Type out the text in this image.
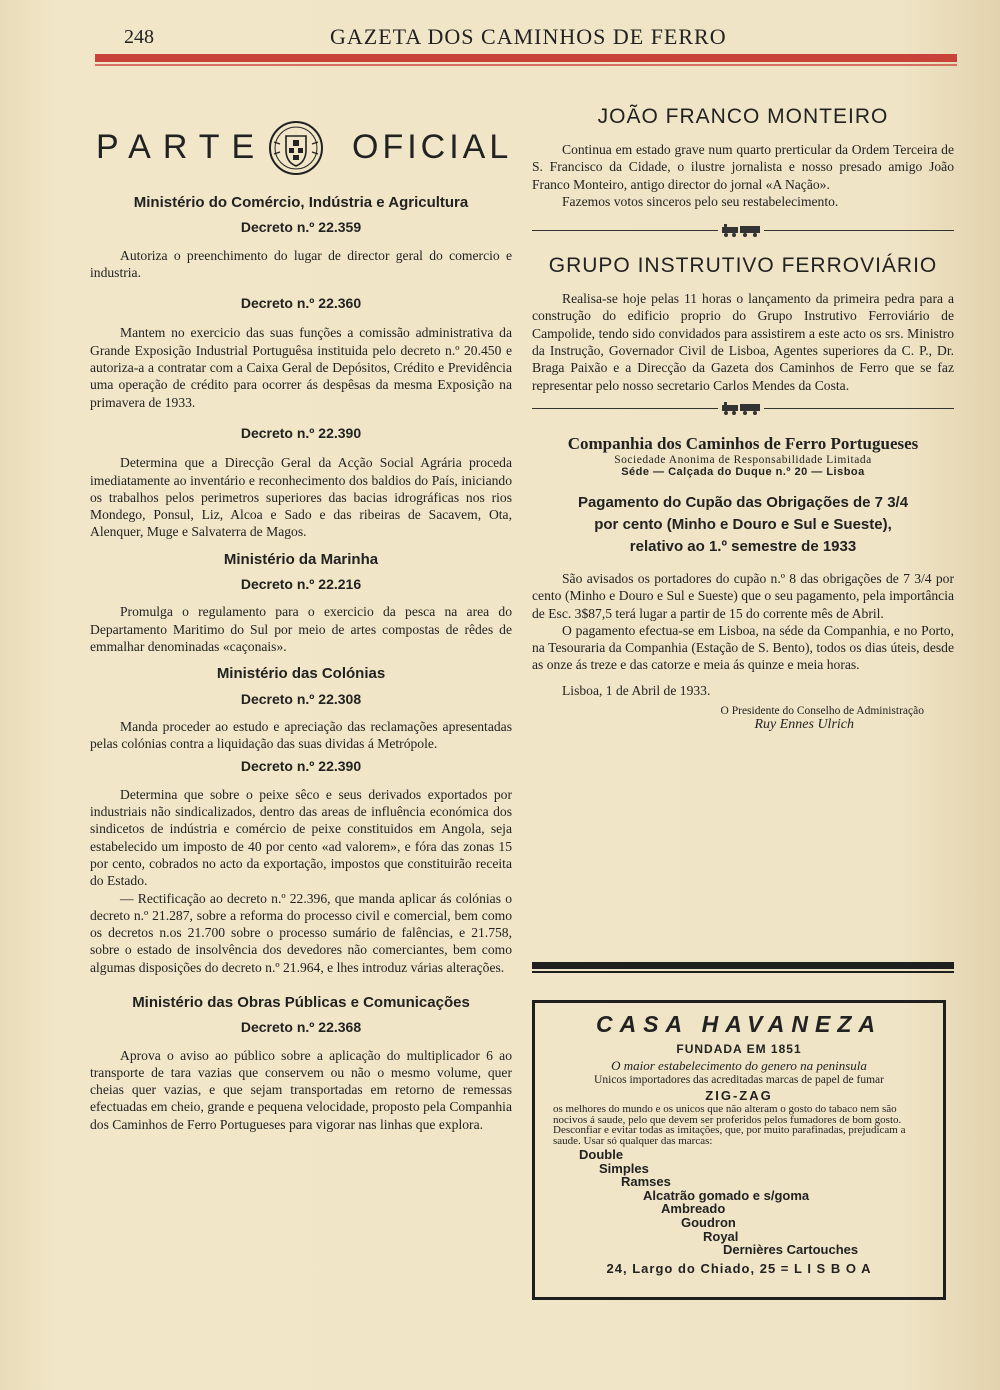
248	GAZETA DOS CAMINHOS DE FERRO
PARTE	OFICIAL

Ministério do Comércio, Indústria e Agricultura

Decreto n.º 22.359

Autoriza o preenchimento do lugar de director geral do comercio e industria.

Decreto n.º 22.360

Mantem no exercicio das suas funções a comissão administrativa da Grande Exposição Industrial Portuguêsa instituida pelo decreto n.º 20.450 e autoriza-a a contratar com a Caixa Geral de Depósitos, Crédito e Previdência uma operação de crédito para ocorrer ás despêsas da mesma Exposição na primavera de 1933.

Decreto n.º 22.390

Determina que a Direcção Geral da Acção Social Agrária proceda imediatamente ao inventário e reconhecimento dos baldios do País, iniciando os trabalhos pelos perimetros superiores das bacias idrográficas nos rios Mondego, Ponsul, Liz, Alcoa e Sado e das ribeiras de Sacavem, Ota, Alenquer, Muge e Salvaterra de Magos.

Ministério da Marinha

Decreto n.º 22.216

Promulga o regulamento para o exercicio da pesca na area do Departamento Maritimo do Sul por meio de artes compostas de rêdes de emmalhar denominadas «caçonais».

Ministério das Colónias

Decreto n.º 22.308

Manda proceder ao estudo e apreciação das reclamações apresentadas pelas colónias contra a liquidação das suas dividas á Metrópole.

Decreto n.º 22.390

Determina que sobre o peixe sêco e seus derivados exportados por industriais não sindicalizados, dentro das areas de influência económica dos sindicetos de indústria e comércio de peixe constituidos em Angola, seja estabelecido um imposto de 40 por cento «ad valorem», e fóra das zonas 15 por cento, cobrados no acto da exportação, impostos que constituirão receita do Estado.

— Rectificação ao decreto n.º 22.396, que manda aplicar ás colónias o decreto n.º 21.287, sobre a reforma do processo civil e comercial, bem como os decretos n.os 21.700 sobre o processo sumário de falências, e 21.758, sobre o estado de insolvência dos devedores não comerciantes, bem como algumas disposições do decreto n.º 21.964, e lhes introduz várias alterações.

Ministério das Obras Públicas e Comunicações

Decreto n.º 22.368

Aprova o aviso ao público sobre a aplicação do multiplicador 6 ao transporte de tara vazias que conservem ou não o mesmo volume, quer cheias quer vazias, e que sejam transportadas em retorno de remessas efectuadas em cheio, grande e pequena velocidade, proposto pela Companhia dos Caminhos de Ferro Portugueses para vigorar nas linhas que explora.

JOÃO FRANCO MONTEIRO

Continua em estado grave num quarto prerticular da Ordem Terceira de S. Francisco da Cidade, o ilustre jornalista e nosso presado amigo João Franco Monteiro, antigo director do jornal «A Nação».

Fazemos votos sinceros pelo seu restabelecimento.

GRUPO INSTRUTIVO FERROVIÁRIO

Realisa-se hoje pelas 11 horas o lançamento da primeira pedra para a construção do edificio proprio do Grupo Instrutivo Ferroviário de Campolide, tendo sido convidados para assistirem a este acto os srs. Ministro da Instrução, Governador Civil de Lisboa, Agentes superiores da C. P., Dr. Braga Paixão e a Direcção da Gazeta dos Caminhos de Ferro que se faz representar pelo nosso secretario Carlos Mendes da Costa.

Companhia dos Caminhos de Ferro Portugueses
Sociedade Anonima de Responsabilidade Limitada
Séde — Calçada do Duque n.º 20 — Lisboa
Pagamento do Cupão das Obrigações de 7 3/4
por cento (Minho e Douro e Sul e Sueste),
relativo ao 1.º semestre de 1933

São avisados os portadores do cupão n.º 8 das obrigações de 7 3/4 por cento (Minho e Douro e Sul e Sueste) que o seu pagamento, pela importância de Esc. 3$87,5 terá lugar a partir de 15 do corrente mês de Abril.

O pagamento efectua-se em Lisboa, na séde da Companhia, e no Porto, na Tesouraria da Companhia (Estação de S. Bento), todos os dias úteis, desde as onze ás treze e das catorze e meia ás quinze e meia horas.

Lisboa, 1 de Abril de 1933.

O Presidente do Conselho de Administração
Ruy Ennes Ulrich
CASA HAVANEZA
FUNDADA EM 1851
O maior estabelecimento do genero na peninsula
Unicos importadores das acreditadas marcas de papel de fumar
ZIG-ZAG

os melhores do mundo e os unicos que não alteram o gosto do tabaco nem são nocivos á saude, pelo que devem ser proferidos pelos fumadores de bom gosto. Desconfiar e evitar todas as imitações, que, por muito parafinadas, prejudicam a saude. Usar só qualquer das marcas:

Double
Simples
Ramses
Alcatrão gomado e s/goma
Ambreado
Goudron
Royal
Dernières Cartouches
24, Largo do Chiado, 25 = L I S B O A
